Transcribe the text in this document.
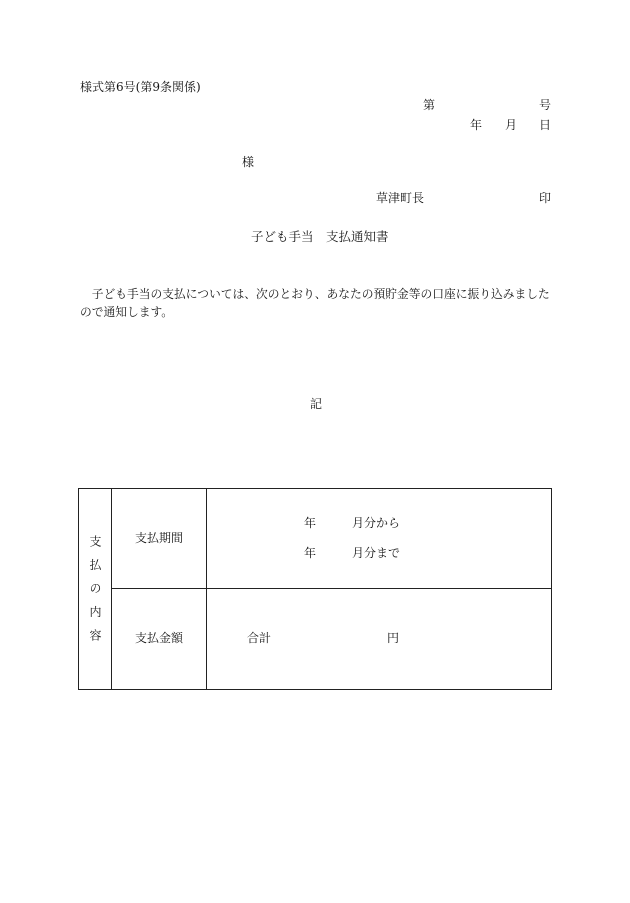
様式第6号(第9条関係)
第	号
年 月 日
様
草津町長	印
子ども手当　支払通知書

子ども手当の支払については、次のとおり、あなたの預貯金等の口座に振り込みましたので通知します。

記
支払の内容	支払期間
年	月分から
年	月分まで
支払金額	合計	円
